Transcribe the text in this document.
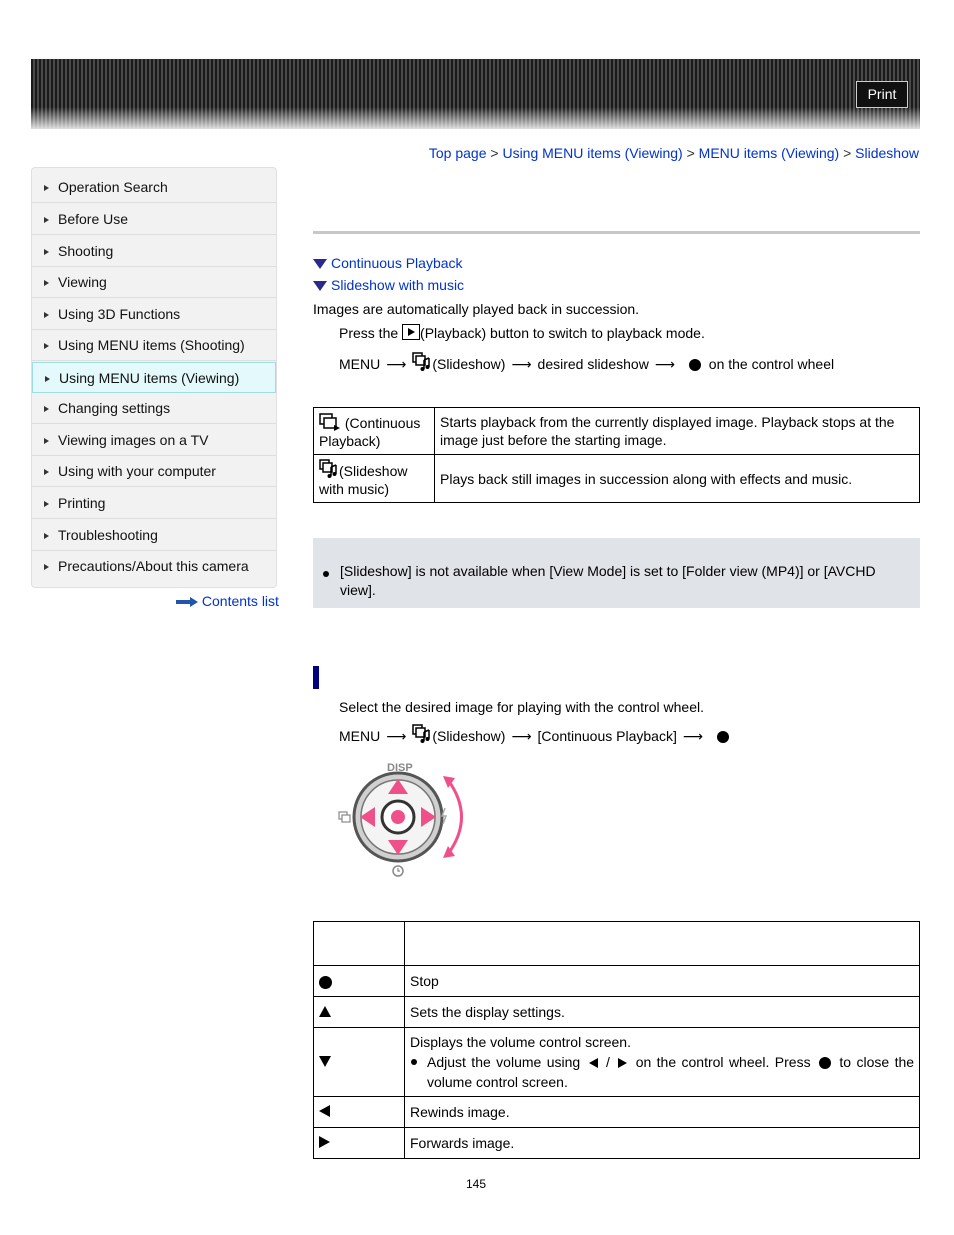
Print
Top page > Using MENU items (Viewing) > MENU items (Viewing) > Slideshow
Operation Search
Before Use
Shooting
Viewing
Using 3D Functions
Using MENU items (Shooting)
Using MENU items (Viewing)
Changing settings
Viewing images on a TV
Using with your computer
Printing
Troubleshooting
Precautions/About this camera
Contents list
Continuous Playback
Slideshow with music
Images are automatically played back in succession.
Press the (Playback) button to switch to playback mode.
MENU ⟶ (Slideshow) ⟶ desired slideshow ⟶ on the control wheel
(Continuous Playback)	Starts playback from the currently displayed image. Playback stops at the image just before the starting image.
(Slideshow with music)	Plays back still images in succession along with effects and music.
[Slideshow] is not available when [View Mode] is set to [Folder view (MP4)] or [AVCHD view].
Select the desired image for playing with the control wheel.
MENU ⟶ (Slideshow) ⟶ [Continuous Playback] ⟶
DISP

	Stop
	Sets the display settings.

	Displays the volume control screen.
Adjust the volume using / on the control wheel. Press to close the volume control screen.

	Rewinds image.
	Forwards image.
145
